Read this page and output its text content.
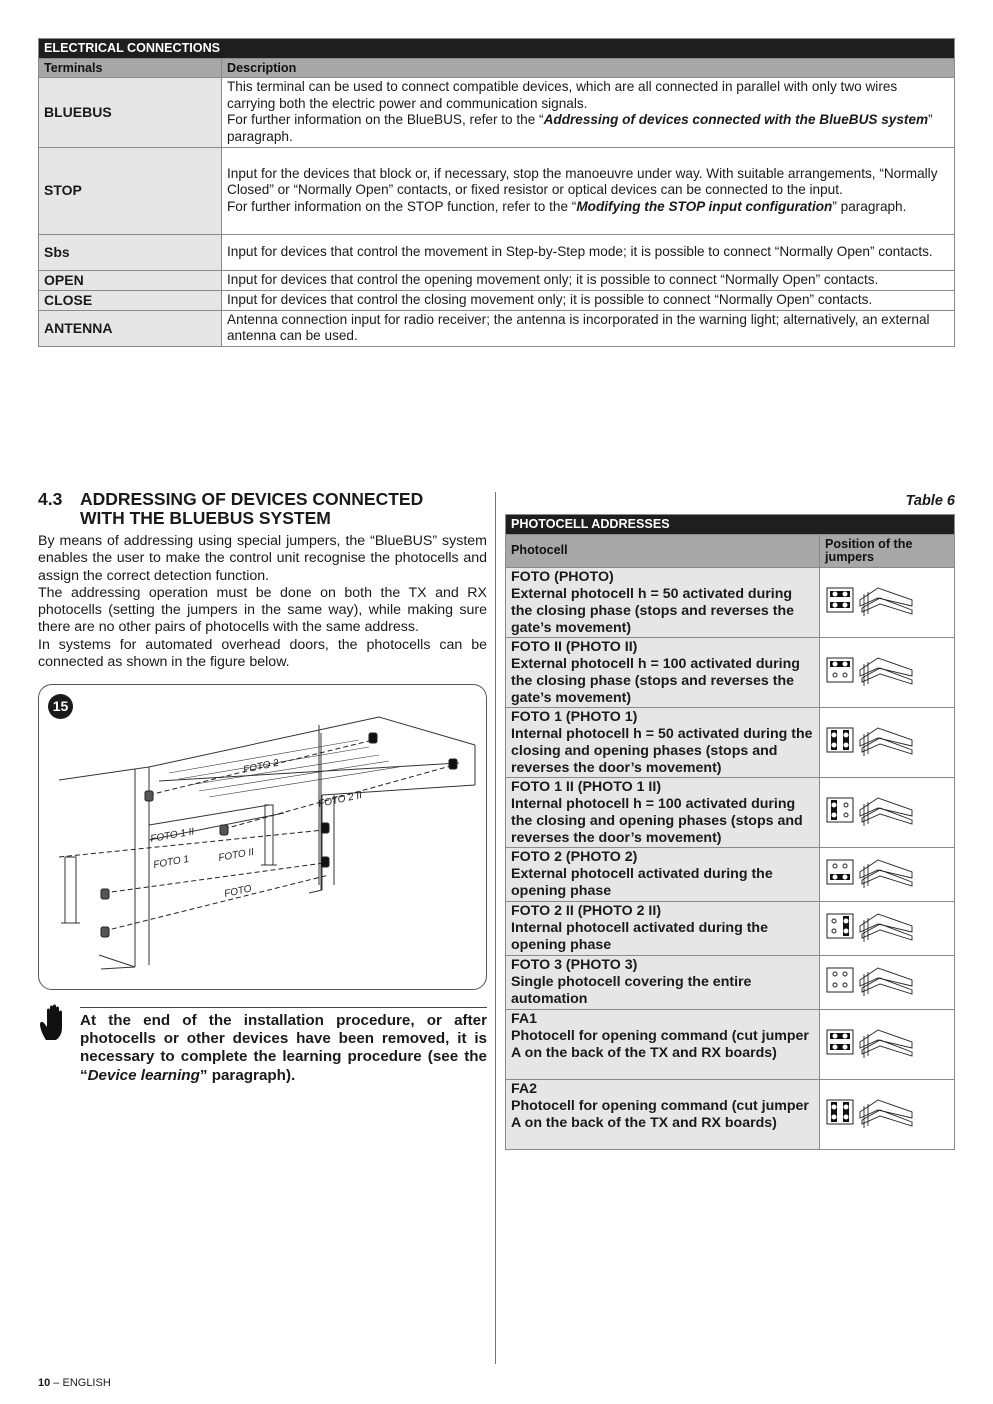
ELECTRICAL CONNECTIONS	
Terminals	Description
BLUEBUS	This terminal can be used to connect compatible devices, which are all connected in parallel with only two wires carrying both the electric power and communication signals.
For further information on the BlueBUS, refer to the “Addressing of devices connected with the BlueBUS system” paragraph.
STOP	Input for the devices that block or, if necessary, stop the manoeuvre under way. With suitable arrangements, “Normally Closed” or “Normally Open” contacts, or fixed resistor or optical devices can be connected to the input.
For further information on the STOP function, refer to the “Modifying the STOP input configuration” paragraph.
Sbs	Input for devices that control the movement in Step-by-Step mode; it is possible to connect “Normally Open” contacts.
OPEN	Input for devices that control the opening movement only; it is possible to connect “Normally Open” contacts.
CLOSE	Input for devices that control the closing movement only; it is possible to connect “Normally Open” contacts.
ANTENNA	Antenna connection input for radio receiver; the antenna is incorporated in the warning light; alternatively, an external antenna can be used.
4.3 ADDRESSING OF DEVICES CONNECTED
WITH THE BLUEBUS SYSTEM

By means of addressing using special jumpers, the “BlueBUS” system enables the user to make the control unit recognise the photocells and assign the correct detection function.

The addressing operation must be done on both the TX and RX photocells (setting the jumpers in the same way), while making sure there are no other pairs of photocells with the same address.

In systems for automated overhead doors, the photocells can be connected as shown in the figure below.

FOTO 2
FOTO 2 II
FOTO 1 II
FOTO 1	FOTO II
FOTO
15
At the end of the installation procedure, or after photocells or other devices have been removed, it is necessary to complete the learning procedure (see the “Device learning” paragraph).
Table 6
PHOTOCELL ADDRESSES	
Photocell	Position of the jumpers

FOTO (PHOTO)
External photocell h = 50 activated during the closing phase (stops and reverses the gate’s movement)

FOTO II (PHOTO II)
External photocell h = 100 activated during the closing phase (stops and reverses the gate’s movement)

FOTO 1 (PHOTO 1)
Internal photocell h = 50 activated during the closing and opening phases (stops and reverses the door’s movement)

FOTO 1 II (PHOTO 1 II)
Internal photocell h = 100 activated during the closing and opening phases (stops and reverses the door’s movement)

FOTO 2 (PHOTO 2)
External photocell activated during the opening phase

FOTO 2 II (PHOTO 2 II)
Internal photocell activated during the opening phase

FOTO 3 (PHOTO 3)
Single photocell covering the entire automation

FA1
Photocell for opening command (cut jumper A on the back of the TX and RX boards)

FA2
Photocell for opening command (cut jumper A on the back of the TX and RX boards)

10 – ENGLISH
